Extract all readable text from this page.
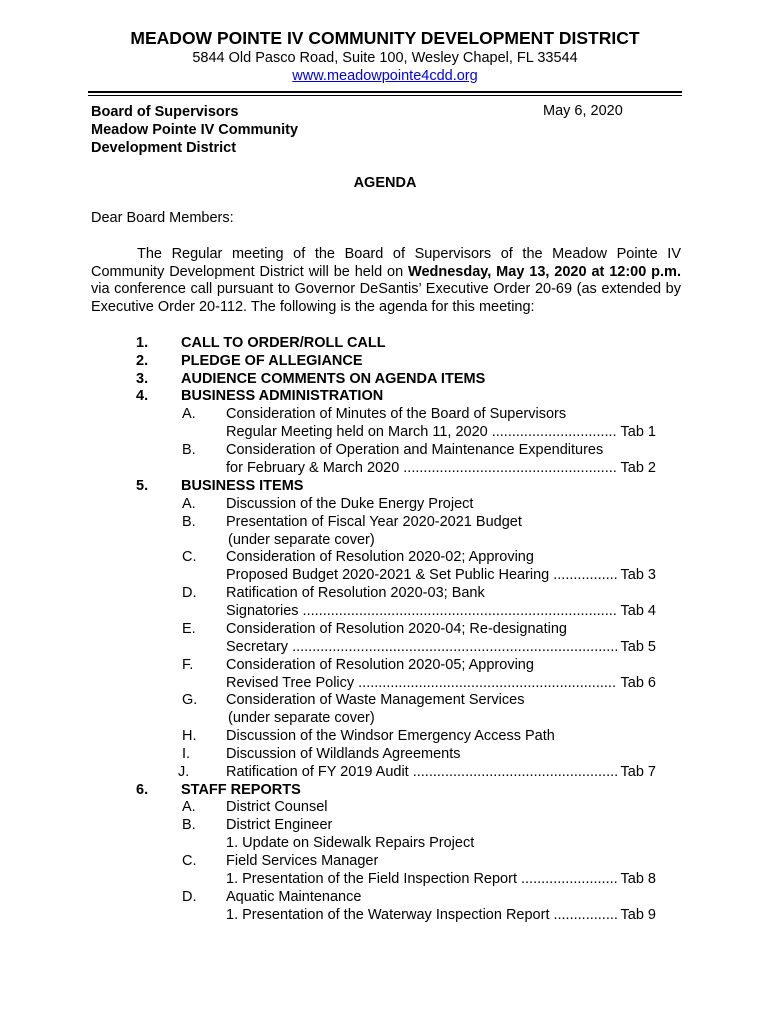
MEADOW POINTE IV COMMUNITY DEVELOPMENT DISTRICT
5844 Old Pasco Road, Suite 100, Wesley Chapel, FL 33544
www.meadowpointe4cdd.org
Board of Supervisors
Meadow Pointe IV Community
Development District
May 6, 2020
AGENDA
Dear Board Members:

The Regular meeting of the Board of Supervisors of the Meadow Pointe IV Community Development District will be held on Wednesday, May 13, 2020 at 12:00 p.m. via conference call pursuant to Governor DeSantis’ Executive Order 20-69 (as extended by Executive Order 20-112. The following is the agenda for this meeting:

1. CALL TO ORDER/ROLL CALL
2. PLEDGE OF ALLEGIANCE
3. AUDIENCE COMMENTS ON AGENDA ITEMS
4. BUSINESS ADMINISTRATION
A. Consideration of Minutes of the Board of Supervisors
Regular Meeting held on March 11, 2020 .....	Tab 1
B. Consideration of Operation and Maintenance Expenditures
for February & March 2020 .....	Tab 2
5. BUSINESS ITEMS
A. Discussion of the Duke Energy Project
B. Presentation of Fiscal Year 2020-2021 Budget
(under separate cover)
C. Consideration of Resolution 2020-02; Approving
Proposed Budget 2020-2021 & Set Public Hearing .....	Tab 3
D. Ratification of Resolution 2020-03; Bank
Signatories .....	Tab 4
E. Consideration of Resolution 2020-04; Re-designating
Secretary .....	Tab 5
F. Consideration of Resolution 2020-05; Approving
Revised Tree Policy .....	Tab 6
G. Consideration of Waste Management Services
(under separate cover)
H. Discussion of the Windsor Emergency Access Path
I. Discussion of Wildlands Agreements
J.	Ratification of FY 2019 Audit .....	Tab 7
6. STAFF REPORTS
A. District Counsel
B. District Engineer
1. Update on Sidewalk Repairs Project
C. Field Services Manager
1. Presentation of the Field Inspection Report .....	Tab 8
D. Aquatic Maintenance
1. Presentation of the Waterway Inspection Report .....	Tab 9
